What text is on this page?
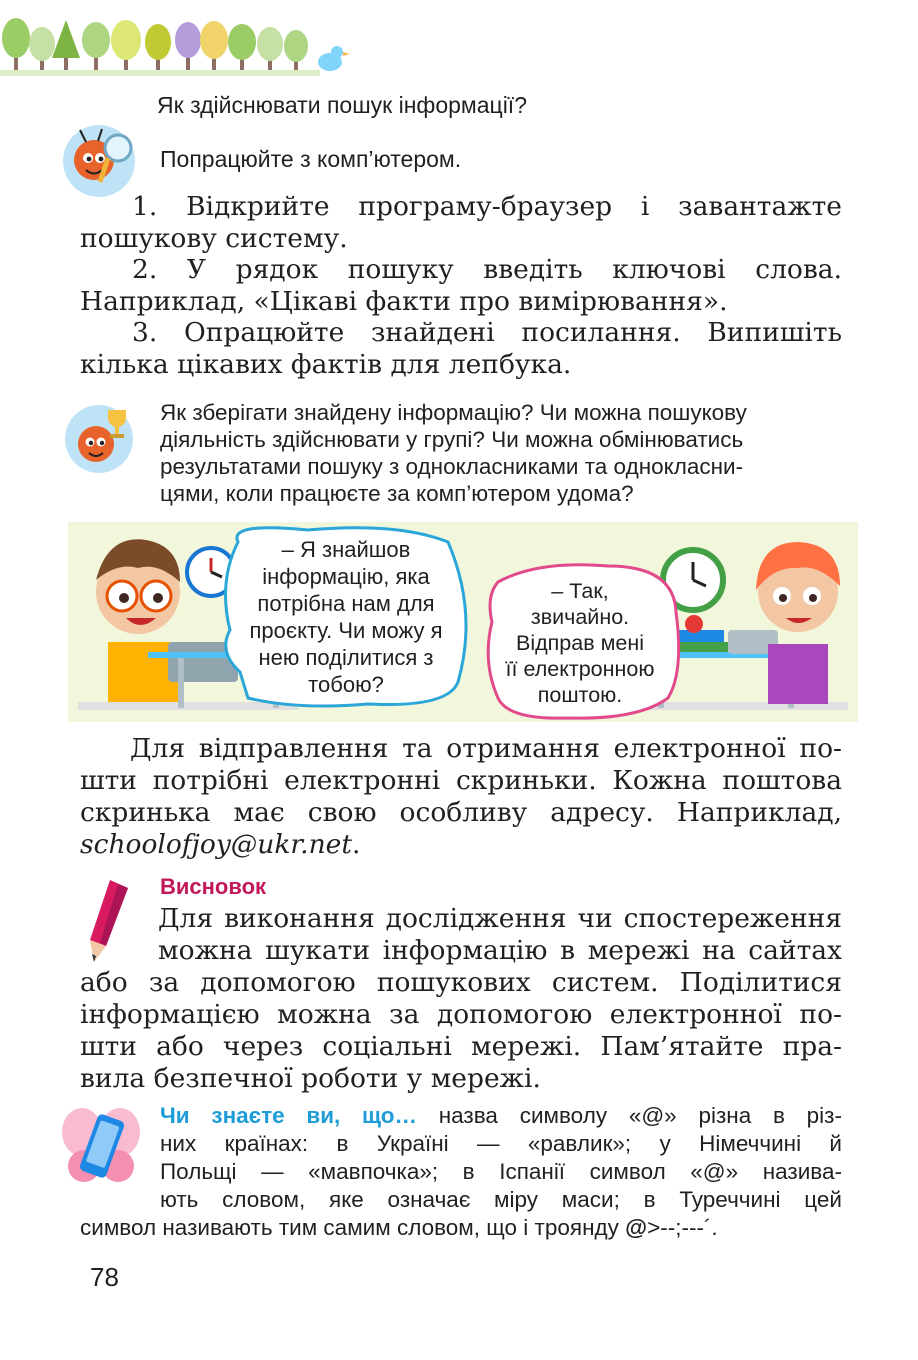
Як здійснювати пошук інформації?
Попрацюйте з комп’ютером.

1. Відкрийте програму-браузер і завантажте пошукову систему.

2. У рядок пошуку введіть ключові слова. Наприклад, «Цікаві факти про вимірювання».

3. Опрацюйте знайдені посилання. Випишіть кілька цікавих фактів для лепбука.

Як зберігати знайдену інформацію? Чи можна пошукову
діяльність здійснювати у групі? Чи можна обмінюватись
результатами пошуку з однокласниками та однокласни-
цями, коли працюєте за комп’ютером удома?
– Я знайшов
інформацію, яка
потрібна нам для
проєкту. Чи можу я
нею поділитися з
тобою?
– Так,
звичайно.
Відправ мені
її електронною
поштою.
Для відправлення та отримання електронної по-
шти потрібні електронні скриньки. Кожна поштова
скринька має свою особливу адресу. Наприклад,
schoolofjoy@ukr.net.
Висновок
Для виконання дослідження чи спостереження
можна шукати інформацію в мережі на сайтах
або за допомогою пошукових систем. Поділитися
інформацією можна за допомогою електронної по-
шти або через соціальні мережі. Пам’ятайте пра-
вила безпечної роботи у мережі.
Чи знаєте ви, що… назва символу «@» різна в різ-
них країнах: в Україні — «равлик»; у Німеччині й
Польщі — «мавпочка»; в Іспанії символ «@» назива-
ють словом, яке означає міру маси; в Туреччині цей
символ називають тим самим словом, що і троянду @>--;---´.
78
